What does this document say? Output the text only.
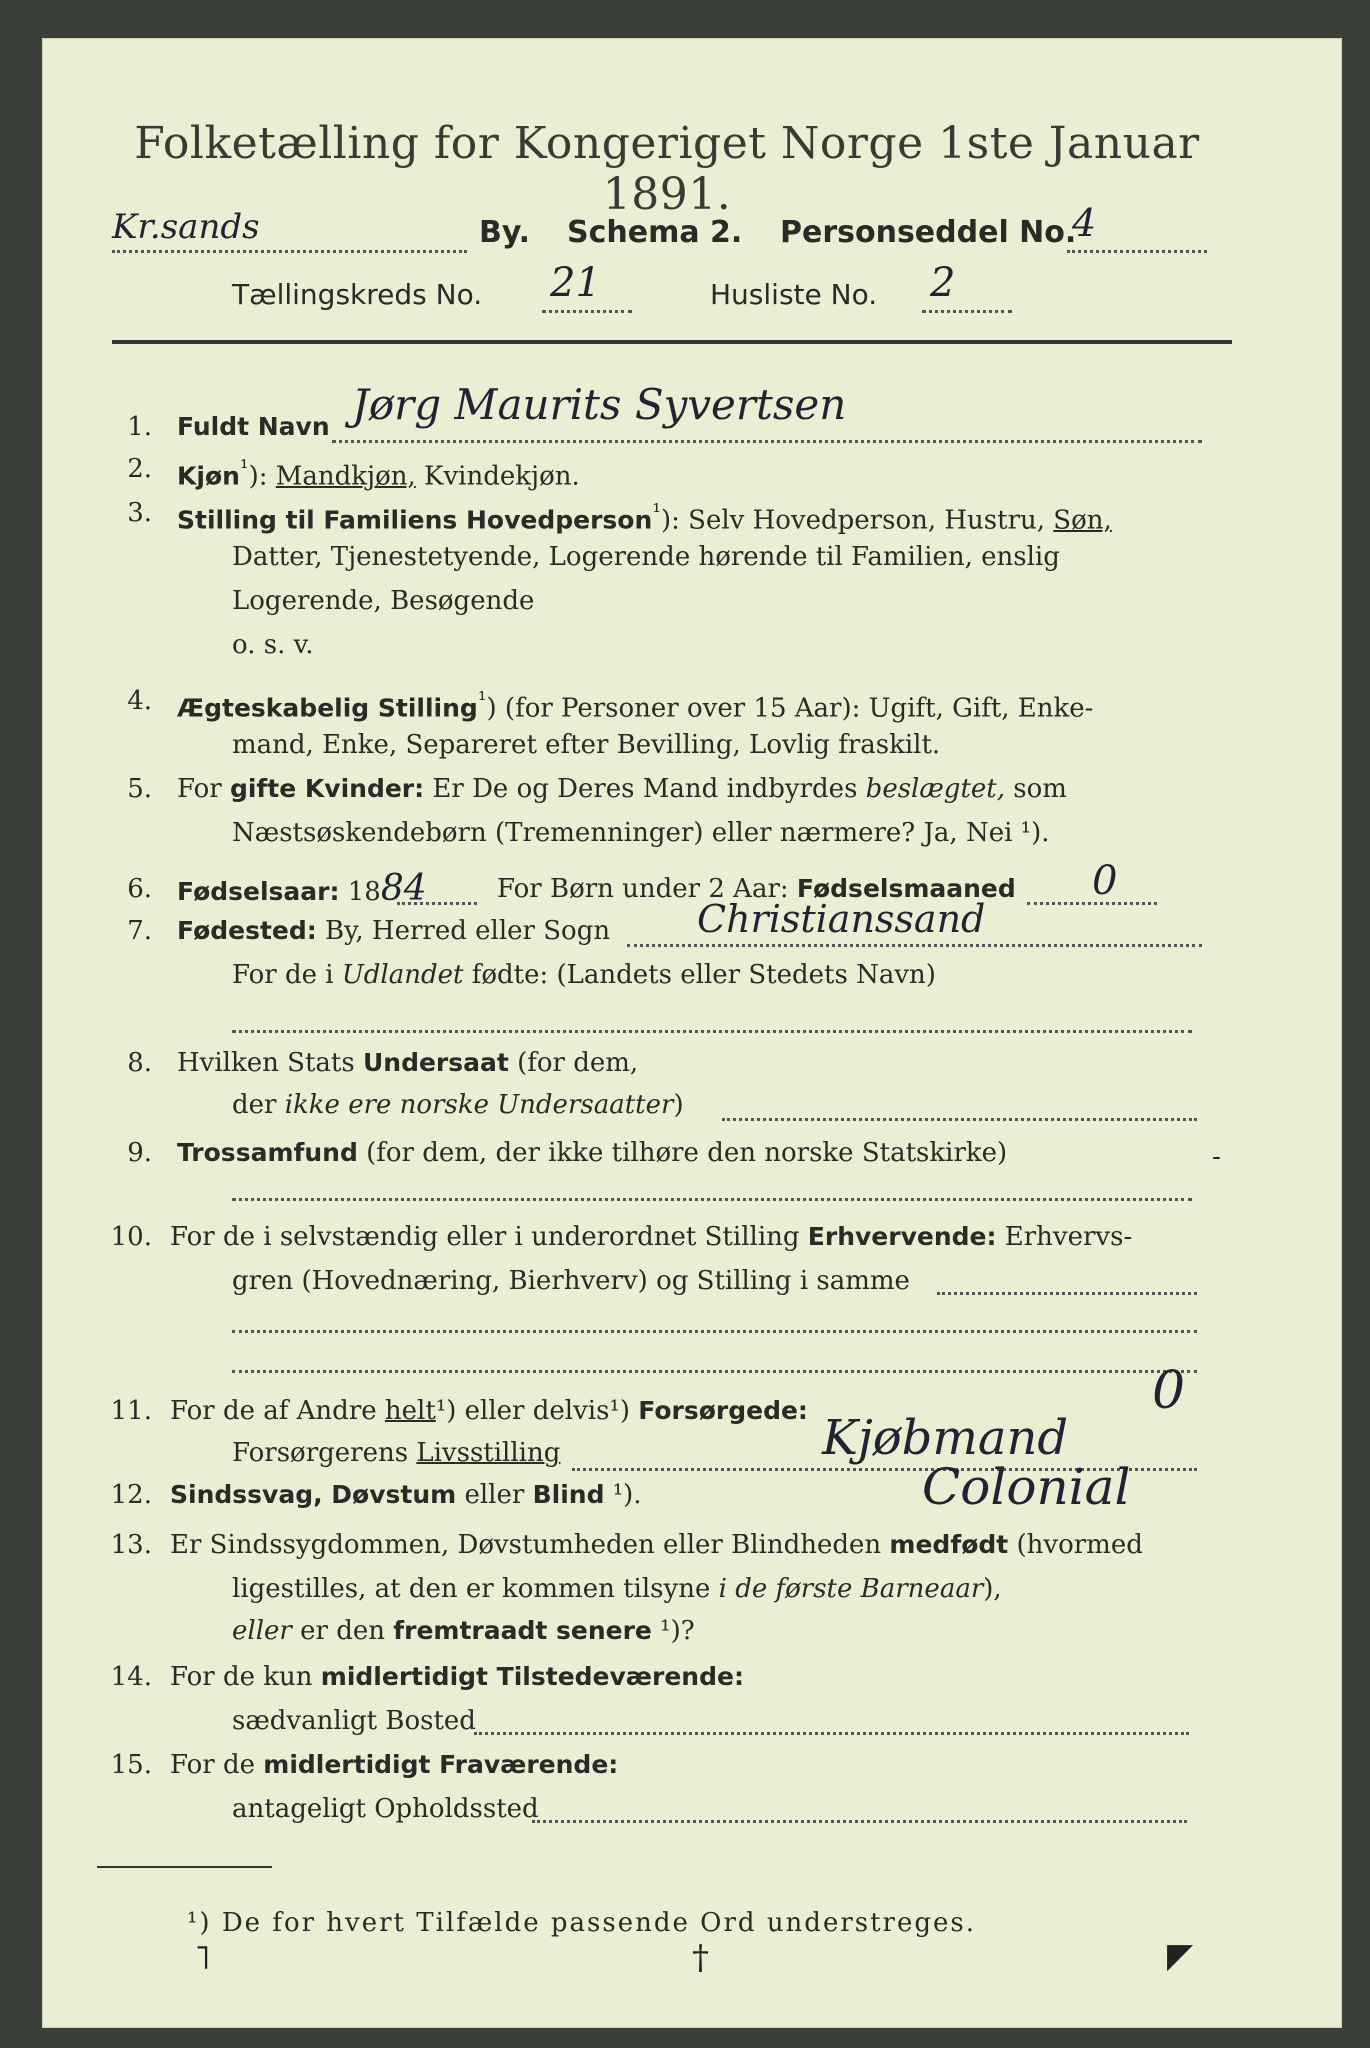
Folketælling for Kongeriget Norge 1ste Januar 1891.
Kr.sands	By. Schema 2. Personseddel No.
4
Tællingskreds No. 21	Husliste No. 2
1. Fuldt Navn Jørg Maurits Syvertsen
2. Kjøn$^{^1}$): Mandkjøn, Kvindekjøn.
3. Stilling til Familiens Hovedperson$^{^1}$): Selv Hovedperson, Hustru, Søn,
Datter, Tjenestetyende, Logerende hørende til Familien, enslig
Logerende, Besøgende
o. s. v.
4. Ægteskabelig Stilling$^{^1}$) (for Personer over 15 Aar): Ugift, Gift, Enke-
mand, Enke, Separeret efter Bevilling, Lovlig fraskilt.
5. For gifte Kvinder: Er De og Deres Mand indbyrdes beslægtet, som
Næstsøskendebørn (Tremenninger) eller nærmere? Ja, Nei ¹).
6. Fødselsaar: 1884	For Børn under 2 Aar: Fødselsmaaned 0
7. Fødested: By, Herred eller Sogn Christianssand
For de i Udlandet fødte: (Landets eller Stedets Navn)
8. Hvilken Stats Undersaat (for dem,
der ikke ere norske Undersaatter)
9. Trossamfund (for dem, der ikke tilhøre den norske Statskirke)	-
10. For de i selvstændig eller i underordnet Stilling Erhvervende: Erhvervs-
gren (Hovednæring, Bierhverv) og Stilling i samme
11. For de af Andre helt¹) eller delvis¹) Forsørgede:	0
Forsørgerens Livsstilling	Kjøbmand
12. Sindssvag, Døvstum eller Blind ¹).	Colonial
13. Er Sindssygdommen, Døvstumheden eller Blindheden medfødt (hvormed
ligestilles, at den er kommen tilsyne i de første Barneaar),
eller er den fremtraadt senere ¹)?
14. For de kun midlertidigt Tilstedeværende:
sædvanligt Bosted
15. For de midlertidigt Fraværende:
antageligt Opholdssted
¹) De for hvert Tilfælde passende Ord understreges.
˥	†	◤
